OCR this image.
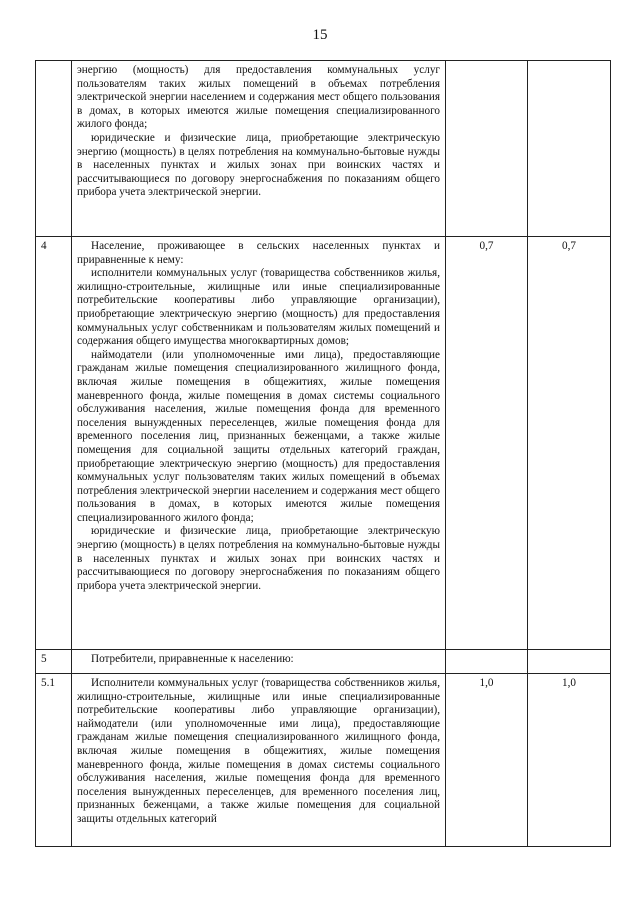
15

	энергию (мощность) для предоставления коммунальных услуг пользователям таких жилых помещений в объемах потребления электрической энергии населением и содержания мест общего пользования в домах, в которых имеются жилые помещения специализированного жилого фонда;

юридические и физические лица, приобретающие электрическую энергию (мощность) в целях потребления на коммунально-бытовые нужды в населенных пунктах и жилых зонах при воинских частях и рассчитывающиеся по договору энергоснабжения по показаниям общего прибора учета электрической энергии.		

4	Население, проживающее в сельских населенных пунктах и приравненные к нему:

исполнители коммунальных услуг (товарищества собственников жилья, жилищно-строительные, жилищные или иные специализированные потребительские кооперативы либо управляющие организации), приобретающие электрическую энергию (мощность) для предоставления коммунальных услуг собственникам и пользователям жилых помещений и содержания общего имущества многоквартирных домов;

наймодатели (или уполномоченные ими лица), предоставляющие гражданам жилые помещения специализированного жилищного фонда, включая жилые помещения в общежитиях, жилые помещения маневренного фонда, жилые помещения в домах системы социального обслуживания населения, жилые помещения фонда для временного поселения вынужденных переселенцев, жилые помещения фонда для временного поселения лиц, признанных беженцами, а также жилые помещения для социальной защиты отдельных категорий граждан, приобретающие электрическую энергию (мощность) для предоставления коммунальных услуг пользователям таких жилых помещений в объемах потребления электрической энергии населением и содержания мест общего пользования в домах, в которых имеются жилые помещения специализированного жилого фонда;

юридические и физические лица, приобретающие электрическую энергию (мощность) в целях потребления на коммунально-бытовые нужды в населенных пунктах и жилых зонах при воинских частях и рассчитывающиеся по договору энергоснабжения по показаниям общего прибора учета электрической энергии.	0,7	0,7
5	Потребители, приравненные к населению:		

5.1	Исполнители коммунальных услуг (товарищества собственников жилья, жилищно-строительные, жилищные или иные специализированные потребительские кооперативы либо управляющие организации), наймодатели (или уполномоченные ими лица), предоставляющие гражданам жилые помещения специализированного жилищного фонда, включая жилые помещения в общежитиях, жилые помещения маневренного фонда, жилые помещения в домах системы социального обслуживания населения, жилые помещения фонда для временного поселения вынужденных переселенцев, для временного поселения лиц, признанных беженцами, а также жилые помещения для социальной защиты отдельных категорий	1,0	1,0
